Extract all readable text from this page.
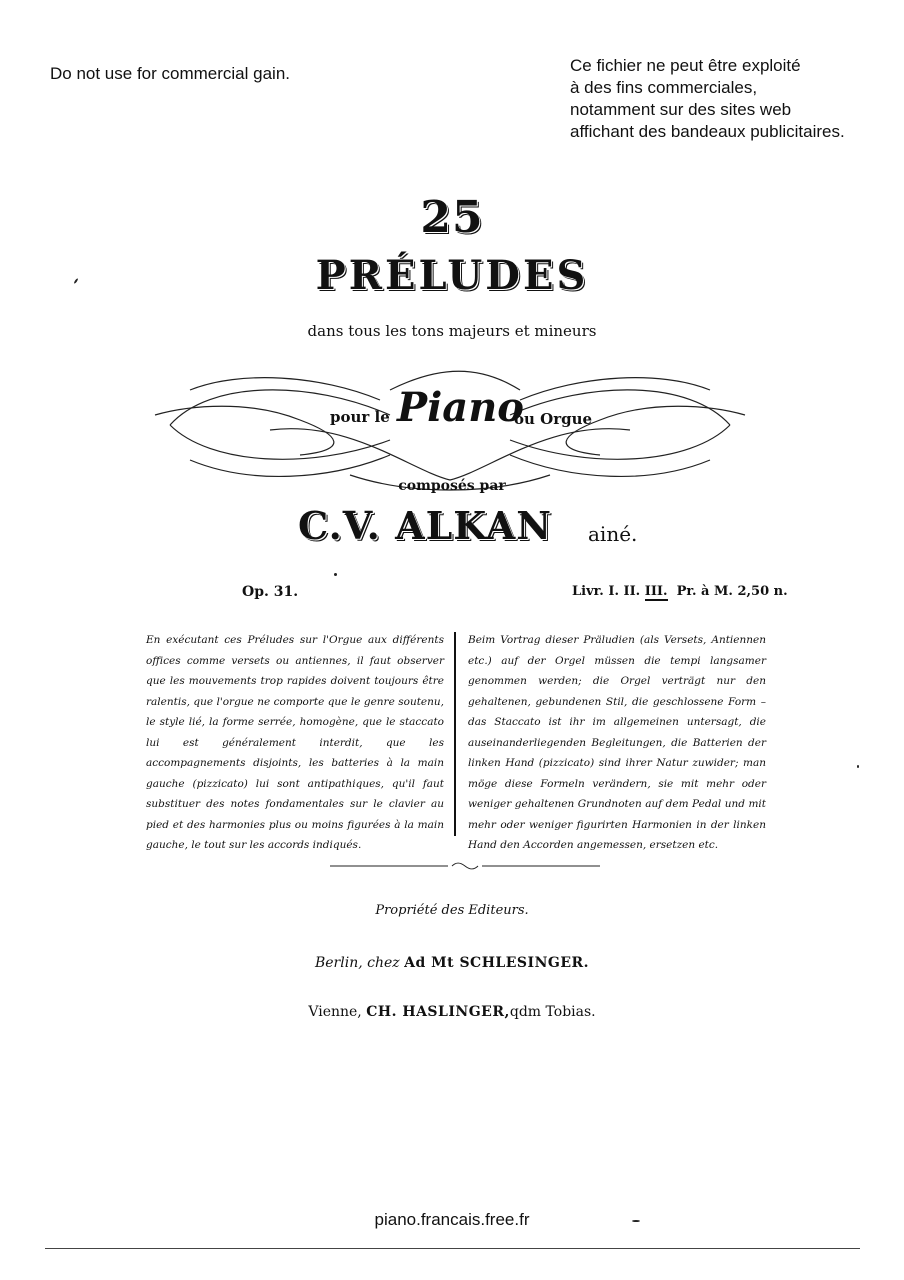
Do not use for commercial gain.	Ce fichier ne peut être exploité
à des fins commerciales,
notamment sur des sites web
affichant des bandeaux publicitaires.
25
PRÉLUDES
dans tous les tons majeurs et mineurs
pour le Piano
ou Orgue
composés par
C.V. ALKAN ainé.
Op. 31.	Livr. I. II. III. Pr. à M. 2,50 n.
En exécutant ces Préludes sur l'Orgue aux différents offices comme versets ou antiennes, il faut observer que les mouvements trop rapides doivent toujours être ralentis, que l'orgue ne comporte que le genre soutenu, le style lié, la forme serrée, homogène, que le staccato lui est généralement interdit, que les accompagnements disjoints, les batteries à la main gauche (pizzicato) lui sont antipathiques, qu'il faut substituer des notes fondamentales sur le clavier au pied et des harmonies plus ou moins figurées à la main gauche, le tout sur les accords indiqués.
Beim Vortrag dieser Präludien (als Versets, Antiennen etc.) auf der Orgel müssen die tempi langsamer genommen werden; die Orgel verträgt nur den gehaltenen, gebundenen Stil, die geschlossene Form – das Staccato ist ihr im allgemeinen untersagt, die auseinanderliegenden Begleitungen, die Batterien der linken Hand (pizzicato) sind ihrer Natur zuwider; man möge diese Formeln verändern, sie mit mehr oder weniger gehaltenen Grundnoten auf dem Pedal und mit mehr oder weniger figurirten Harmonien in der linken Hand den Accorden angemessen, ersetzen etc.
Propriété des Editeurs.
Berlin, chez Ad Mt SCHLESINGER.
Vienne, CH. HASLINGER,qdm Tobias.
piano.francais.free.fr
